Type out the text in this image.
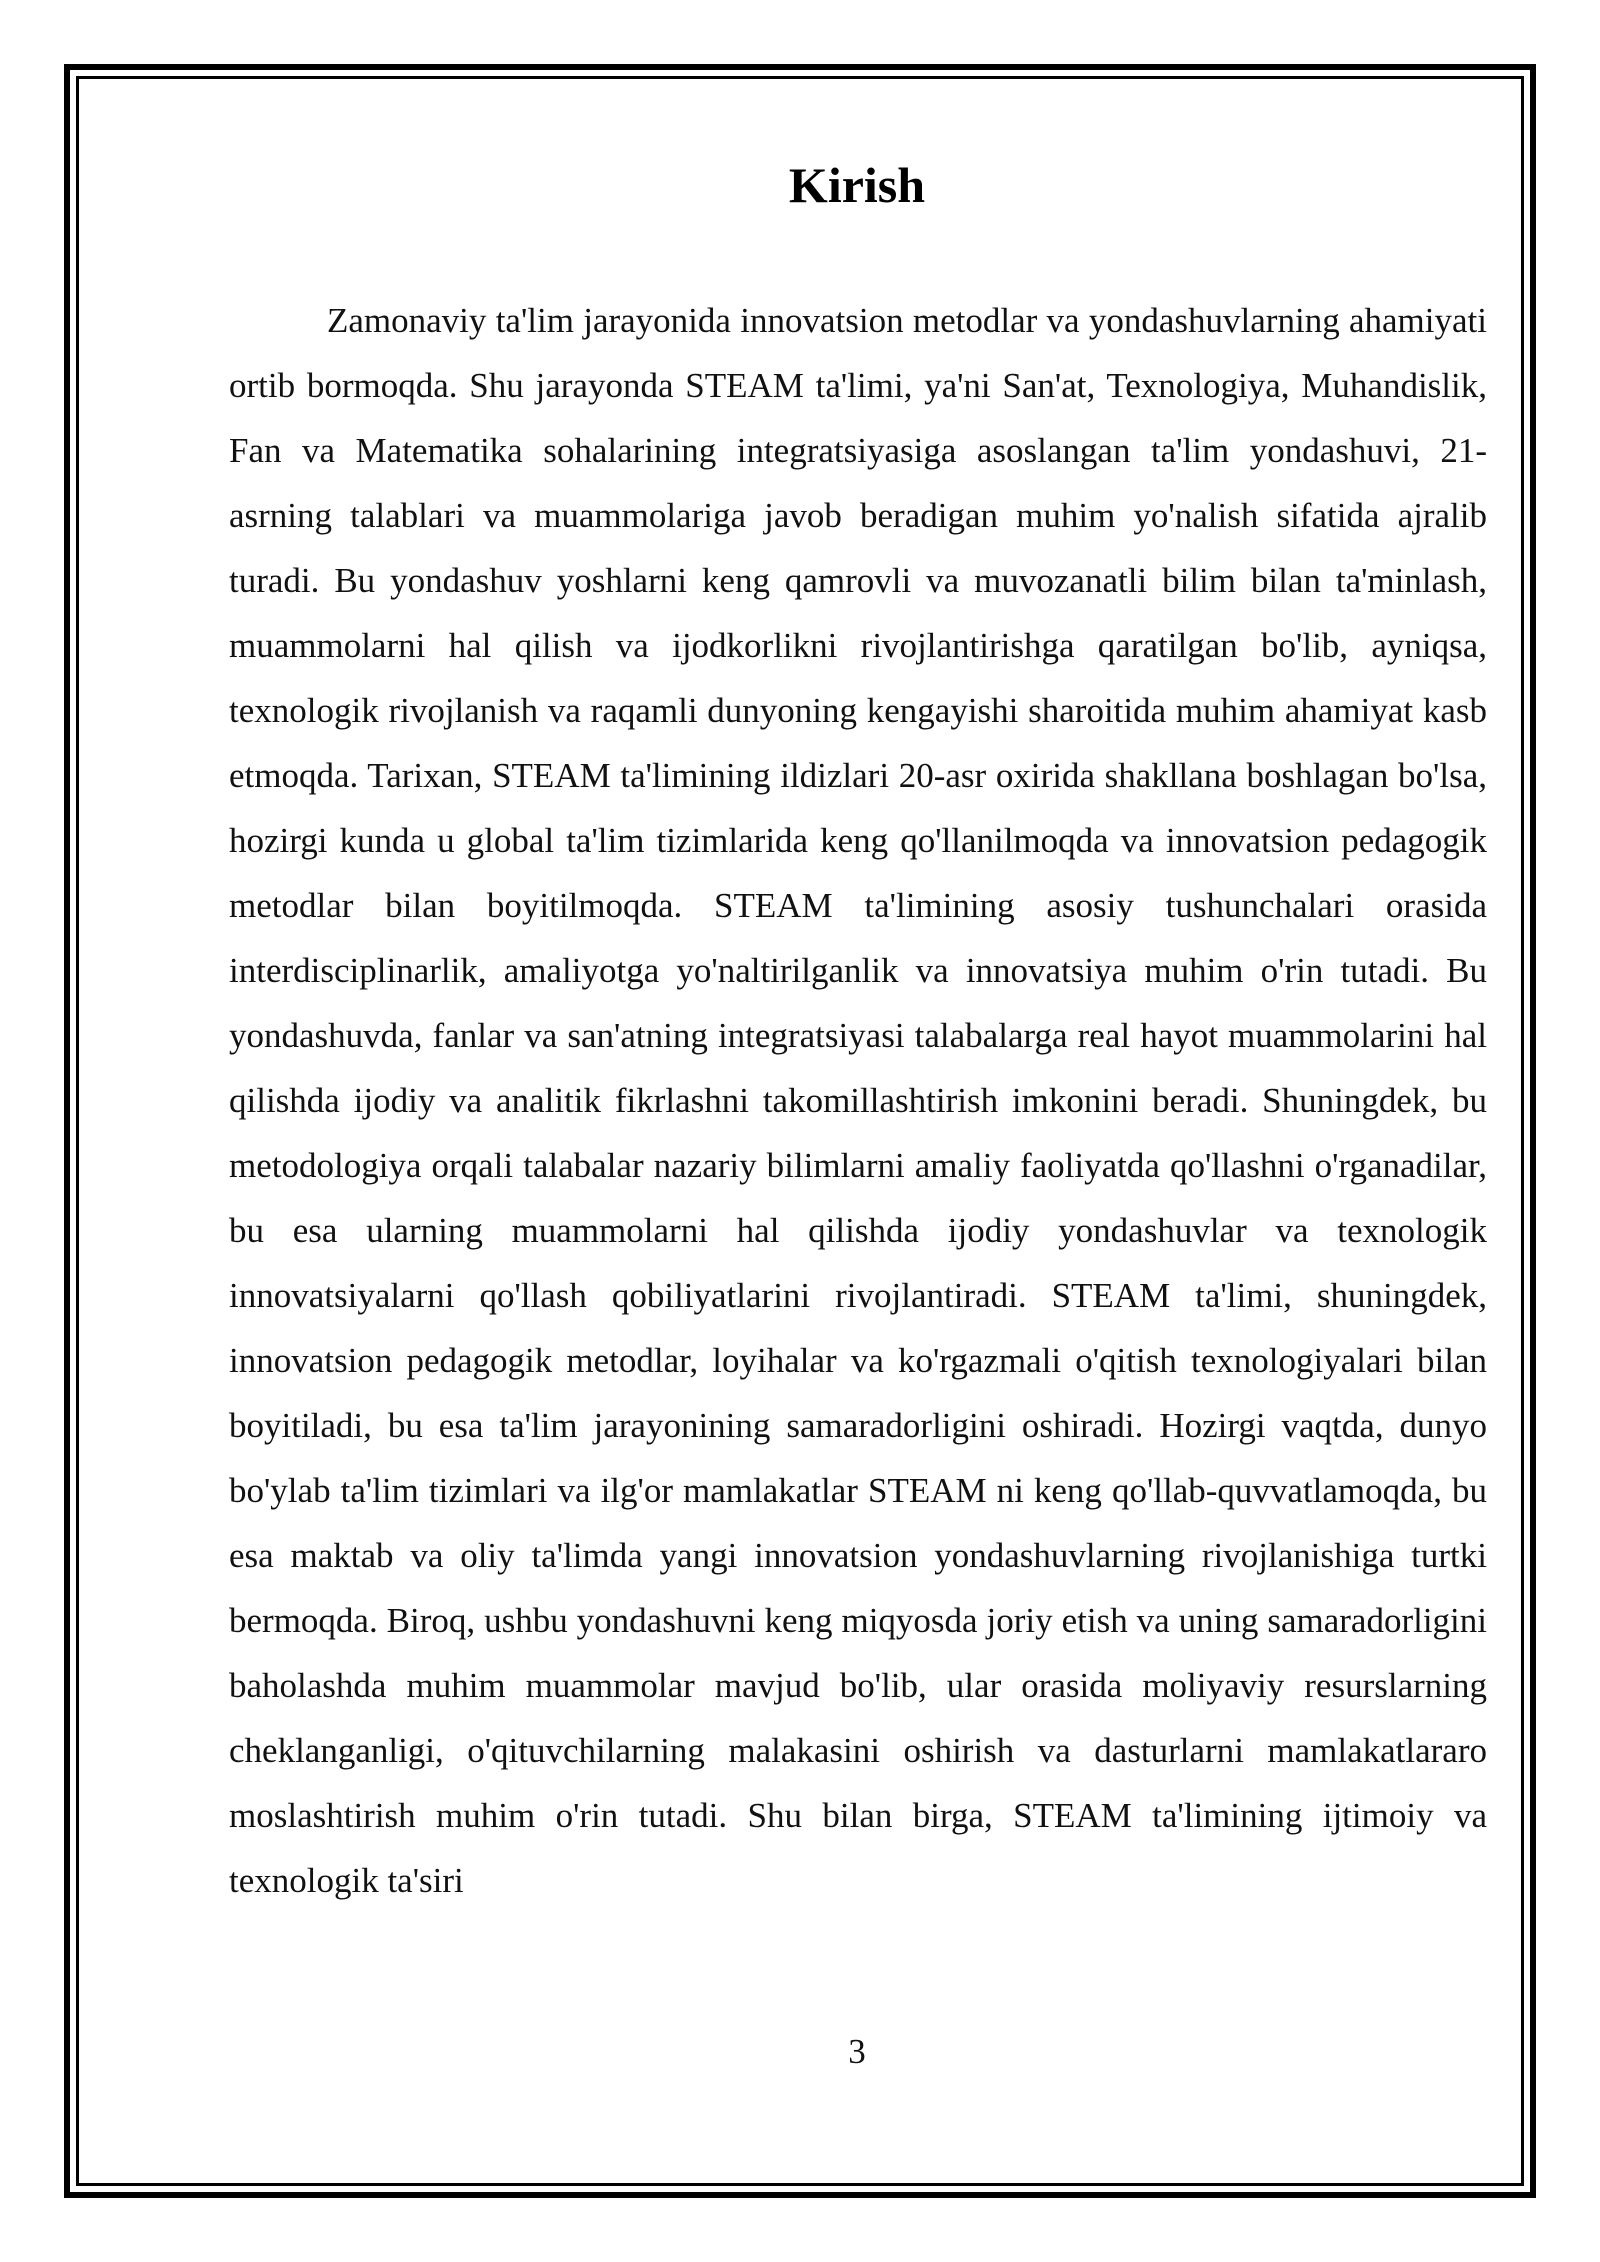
Kirish

Zamonaviy ta'lim jarayonida innovatsion metodlar va yondashuvlarning ahamiyati ortib bormoqda. Shu jarayonda STEAM ta'limi, ya'ni San'at, Texnologiya, Muhandislik, Fan va Matematika sohalarining integratsiyasiga asoslangan ta'lim yondashuvi, 21-asrning talablari va muammolariga javob beradigan muhim yo'nalish sifatida ajralib turadi. Bu yondashuv yoshlarni keng qamrovli va muvozanatli bilim bilan ta'minlash, muammolarni hal qilish va ijodkorlikni rivojlantirishga qaratilgan bo'lib, ayniqsa, texnologik rivojlanish va raqamli dunyoning kengayishi sharoitida muhim ahamiyat kasb etmoqda. Tarixan, STEAM ta'limining ildizlari 20-asr oxirida shakllana boshlagan bo'lsa, hozirgi kunda u global ta'lim tizimlarida keng qo'llanilmoqda va innovatsion pedagogik metodlar bilan boyitilmoqda. STEAM ta'limining asosiy tushunchalari orasida interdisciplinarlik, amaliyotga yo'naltirilganlik va innovatsiya muhim o'rin tutadi. Bu yondashuvda, fanlar va san'atning integratsiyasi talabalarga real hayot muammolarini hal qilishda ijodiy va analitik fikrlashni takomillashtirish imkonini beradi. Shuningdek, bu metodologiya orqali talabalar nazariy bilimlarni amaliy faoliyatda qo'llashni o'rganadilar, bu esa ularning muammolarni hal qilishda ijodiy yondashuvlar va texnologik innovatsiyalarni qo'llash qobiliyatlarini rivojlantiradi. STEAM ta'limi, shuningdek, innovatsion pedagogik metodlar, loyihalar va ko'rgazmali o'qitish texnologiyalari bilan boyitiladi, bu esa ta'lim jarayonining samaradorligini oshiradi. Hozirgi vaqtda, dunyo bo'ylab ta'lim tizimlari va ilg'or mamlakatlar STEAM ni keng qo'llab-quvvatlamoqda, bu esa maktab va oliy ta'limda yangi innovatsion yondashuvlarning rivojlanishiga turtki bermoqda. Biroq, ushbu yondashuvni keng miqyosda joriy etish va uning samaradorligini baholashda muhim muammolar mavjud bo'lib, ular orasida moliyaviy resurslarning cheklanganligi, o'qituvchilarning malakasini oshirish va dasturlarni mamlakatlararo moslashtirish muhim o'rin tutadi. Shu bilan birga, STEAM ta'limining ijtimoiy va texnologik ta'siri

3
